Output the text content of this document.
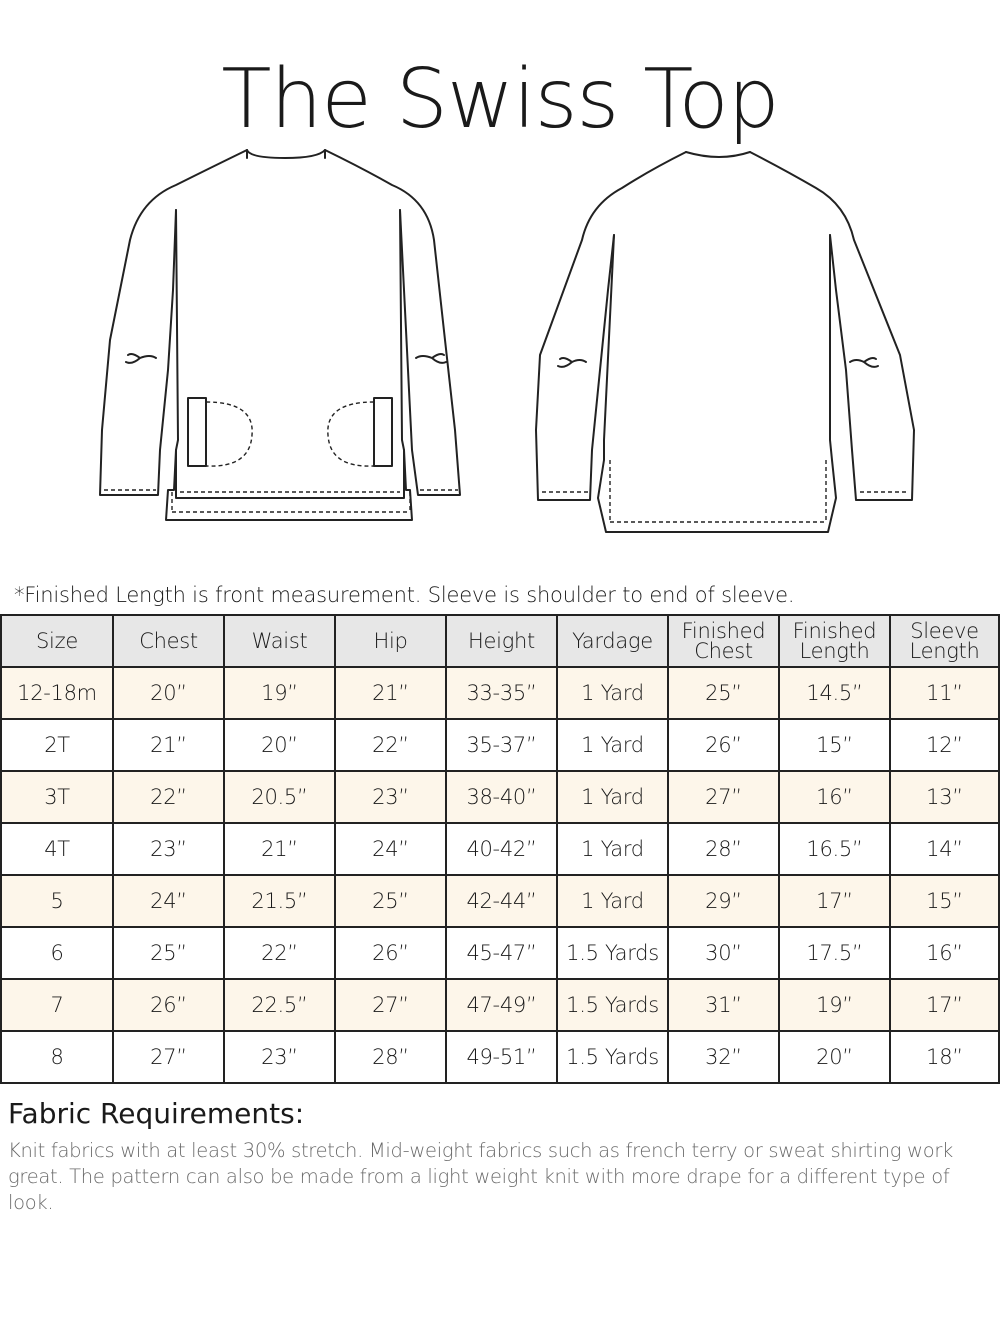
The Swiss Top
*Finished Length is front measurement. Sleeve is shoulder to end of sleeve.
Size	Chest	Waist	Hip	Height	Yardage	Finished Chest	Finished Length	Sleeve Length
12-18m	20”	19”	21”	33-35”	1 Yard	25”	14.5”	11”
2T	21”	20”	22”	35-37”	1 Yard	26”	15”	12”
3T	22”	20.5”	23”	38-40”	1 Yard	27”	16”	13”
4T	23”	21”	24”	40-42”	1 Yard	28”	16.5”	14”
5	24”	21.5”	25”	42-44”	1 Yard	29”	17”	15”
6	25”	22”	26”	45-47”	1.5 Yards	30”	17.5”	16”
7	26”	22.5”	27”	47-49”	1.5 Yards	31”	19”	17”
8	27”	23”	28”	49-51”	1.5 Yards	32”	20”	18”
Fabric Requirements:
Knit fabrics with at least 30% stretch. Mid-weight fabrics such as french terry or sweat shirting work great. The pattern can also be made from a light weight knit with more drape for a different type of look.
